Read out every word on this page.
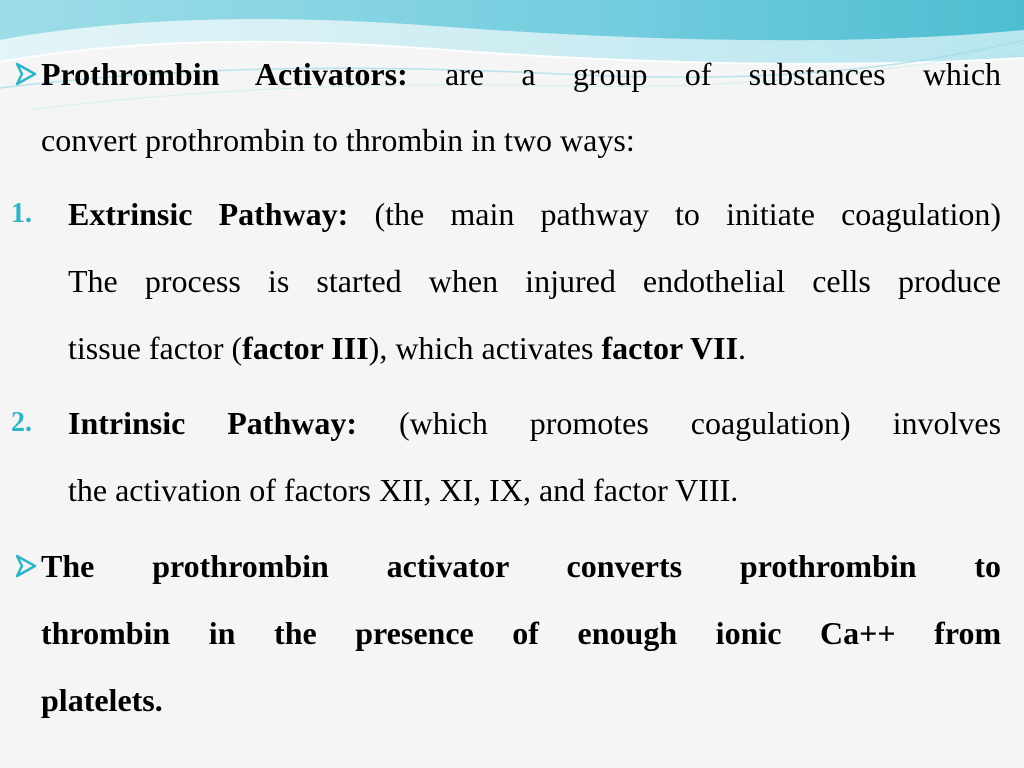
Prothrombin Activators: are a group of substances which
convert prothrombin to thrombin in two ways:
1. Extrinsic Pathway: (the main pathway to initiate coagulation)
The process is started when injured endothelial cells produce
tissue factor (factor III), which activates factor VII.
2. Intrinsic Pathway: (which promotes coagulation) involves
the activation of factors XII, XI, IX, and factor VIII.
The prothrombin activator converts prothrombin to
thrombin in the presence of enough ionic Ca++ from
platelets.
